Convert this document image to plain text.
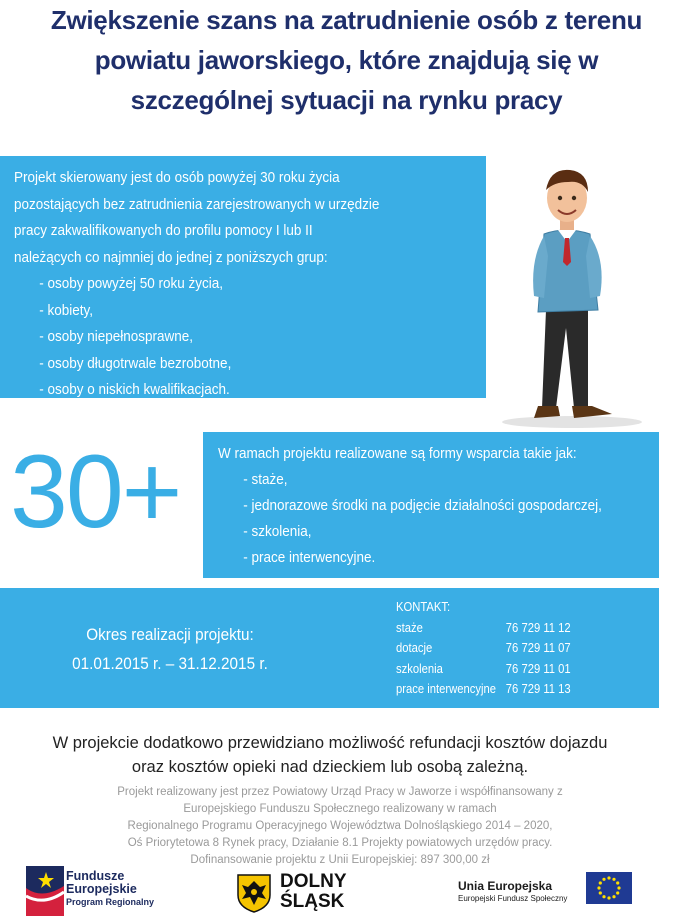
Zwiększenie szans na zatrudnienie osób z terenu
powiatu jaworskiego, które znajdują się w
szczególnej sytuacji na rynku pracy
Projekt skierowany jest do osób powyżej 30 roku życia
pozostających bez zatrudnienia zarejestrowanych w urzędzie
pracy zakwalifikowanych do profilu pomocy I lub II
należących co najmniej do jednej z poniższych grup:
- osoby powyżej 50 roku życia,
- kobiety,
- osoby niepełnosprawne,
- osoby długotrwale bezrobotne,
- osoby o niskich kwalifikacjach.
30+	W ramach projektu realizowane są formy wsparcia takie jak:
- staże,
- jednorazowe środki na podjęcie działalności gospodarczej,
- szkolenia,
- prace interwencyjne.
Okres realizacji projektu:
01.01.2015 r. – 31.12.2015 r.
KONTAKT:
staże	76 729 11 12
dotacje	76 729 11 07
szkolenia	76 729 11 01
prace interwencyjne 76 729 11 13
W projekcie dodatkowo przewidziano możliwość refundacji kosztów dojazdu
oraz kosztów opieki nad dzieckiem lub osobą zależną.
Projekt realizowany jest przez Powiatowy Urząd Pracy w Jaworze i współfinansowany z
Europejskiego Funduszu Społecznego realizowany w ramach
Regionalnego Programu Operacyjnego Województwa Dolnośląskiego 2014 – 2020,
Oś Priorytetowa 8 Rynek pracy, Działanie 8.1 Projekty powiatowych urzędów pracy.
Dofinansowanie projektu z Unii Europejskiej: 897 300,00 zł
Fundusze
Europejskie
Program Regionalny
DOLNY
ŚLĄSK
Unia Europejska
Europejski Fundusz Społeczny
